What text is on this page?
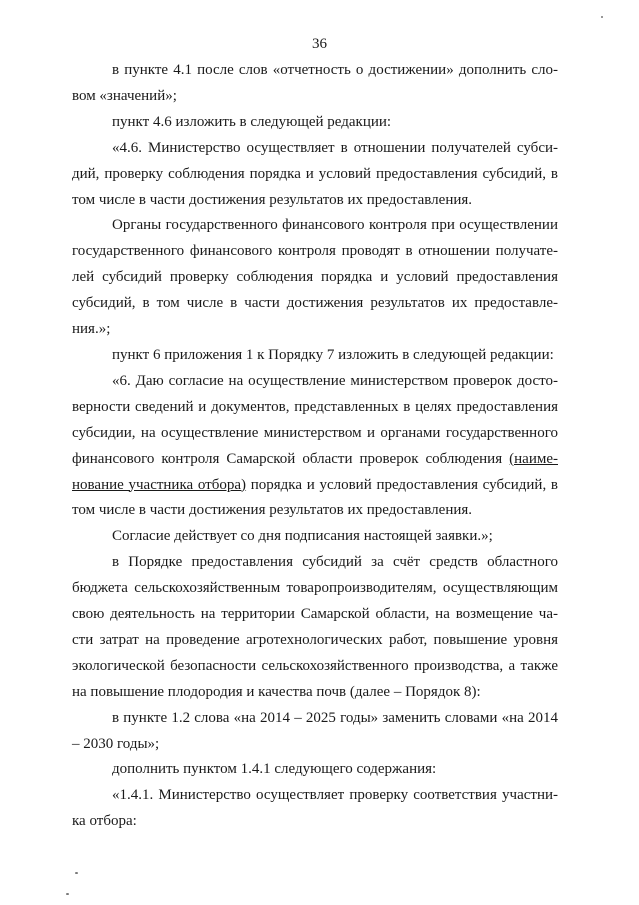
36

в пункте 4.1 после слов «отчетность о достижении» дополнить сло-вом «значений»;

пункт 4.6 изложить в следующей редакции:

«4.6. Министерство осуществляет в отношении получателей субси-дий, проверку соблюдения порядка и условий предоставления субсидий, в том числе в части достижения результатов их предоставления.

Органы государственного финансового контроля при осуществлении государственного финансового контроля проводят в отношении получате-лей субсидий проверку соблюдения порядка и условий предоставления субсидий, в том числе в части достижения результатов их предоставле-ния.»;

пункт 6 приложения 1 к Порядку 7 изложить в следующей редакции:

«6. Даю согласие на осуществление министерством проверок досто-верности сведений и документов, представленных в целях предоставления субсидии, на осуществление министерством и органами государственного финансового контроля Самарской области проверок соблюдения (наиме-нование участника отбора) порядка и условий предоставления субсидий, в том числе в части достижения результатов их предоставления.

Согласие действует со дня подписания настоящей заявки.»;

в Порядке предоставления субсидий за счёт средств областного бюджета сельскохозяйственным товаропроизводителям, осуществляющим свою деятельность на территории Самарской области, на возмещение ча-сти затрат на проведение агротехнологических работ, повышение уровня экологической безопасности сельскохозяйственного производства, а также на повышение плодородия и качества почв (далее – Порядок 8):

в пункте 1.2 слова «на 2014 – 2025 годы» заменить словами «на 2014 – 2030 годы»;

дополнить пунктом 1.4.1 следующего содержания:

«1.4.1. Министерство осуществляет проверку соответствия участни-ка отбора:
